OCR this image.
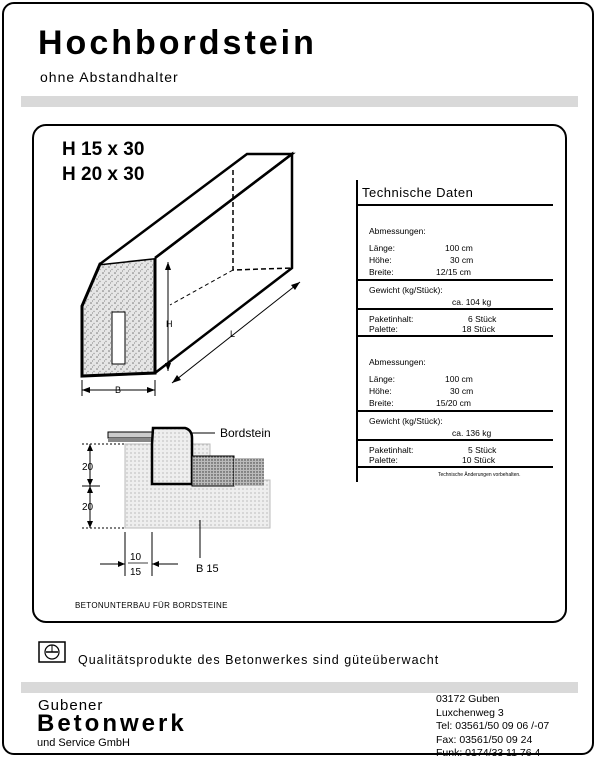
Hochbordstein
ohne Abstandhalter
H 15 x 30
H 20 x 30
H
L
B
Bordstein
20
20
10
15	B 15
BETONUNTERBAU FÜR BORDSTEINE
Technische Daten
Abmessungen:
Länge:	100 cm
Höhe:	30 cm
Breite:	12/15 cm
Gewicht (kg/Stück):
ca. 104 kg
Paketinhalt:	6 Stück
Palette:	18 Stück
Abmessungen:
Länge:	100 cm
Höhe:	30 cm
Breite:	15/20 cm
Gewicht (kg/Stück):
ca. 136 kg
Paketinhalt:	5 Stück
Palette:	10 Stück
Technische Änderungen vorbehalten.
Qualitätsprodukte des Betonwerkes sind güteüberwacht
Gubener
Betonwerk
und Service GmbH
03172 Guben
Luxchenweg 3
Tel: 03561/50 09 06 /-07
Fax: 03561/50 09 24
Funk: 0174/33 11 76 4
